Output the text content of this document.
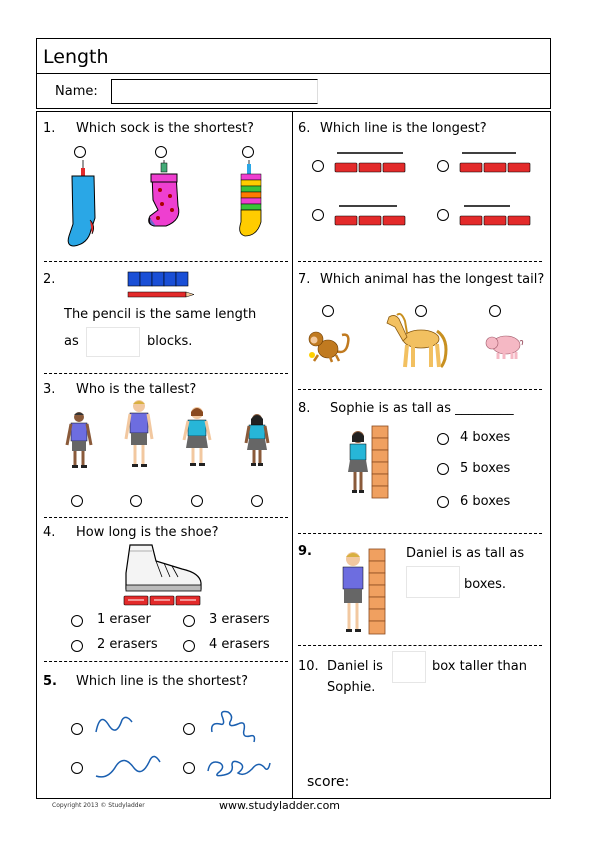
Length
Name:
1. Which sock is the shortest?
2.
The pencil is the same length
as	blocks.
3. Who is the tallest?
4. How long is the shoe?
1 eraser	3 erasers
2 erasers	4 erasers
5. Which line is the shortest?
6. Which line is the longest?
7. Which animal has the longest tail?
8. Sophie is as tall as _________
4 boxes
5 boxes
6 boxes
9.	Daniel is as tall as
boxes.
10. Daniel is	box taller than
Sophie.
score:
Copyright 2013 © Studyladder	www.studyladder.com
